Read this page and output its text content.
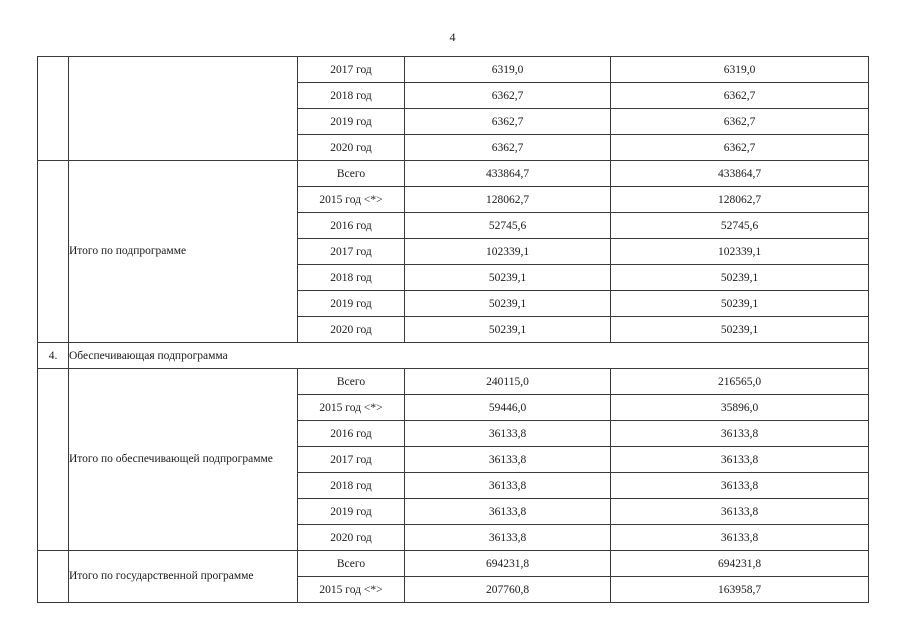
4
		2017 год	6319,0	6319,0
		2018 год	6362,7	6362,7
		2019 год	6362,7	6362,7
		2020 год	6362,7	6362,7
	Итого по подпрограмме	Всего	433864,7	433864,7
		2015 год <*>	128062,7	128062,7
		2016 год	52745,6	52745,6
		2017 год	102339,1	102339,1
		2018 год	50239,1	50239,1
		2019 год	50239,1	50239,1
		2020 год	50239,1	50239,1
4.	Обеспечивающая подпрограмма			
	Итого по обеспечивающей подпрограмме	Всего	240115,0	216565,0
		2015 год <*>	59446,0	35896,0
		2016 год	36133,8	36133,8
		2017 год	36133,8	36133,8
		2018 год	36133,8	36133,8
		2019 год	36133,8	36133,8
		2020 год	36133,8	36133,8
	Итого по государственной программе	Всего	694231,8	694231,8
		2015 год <*>	207760,8	163958,7
